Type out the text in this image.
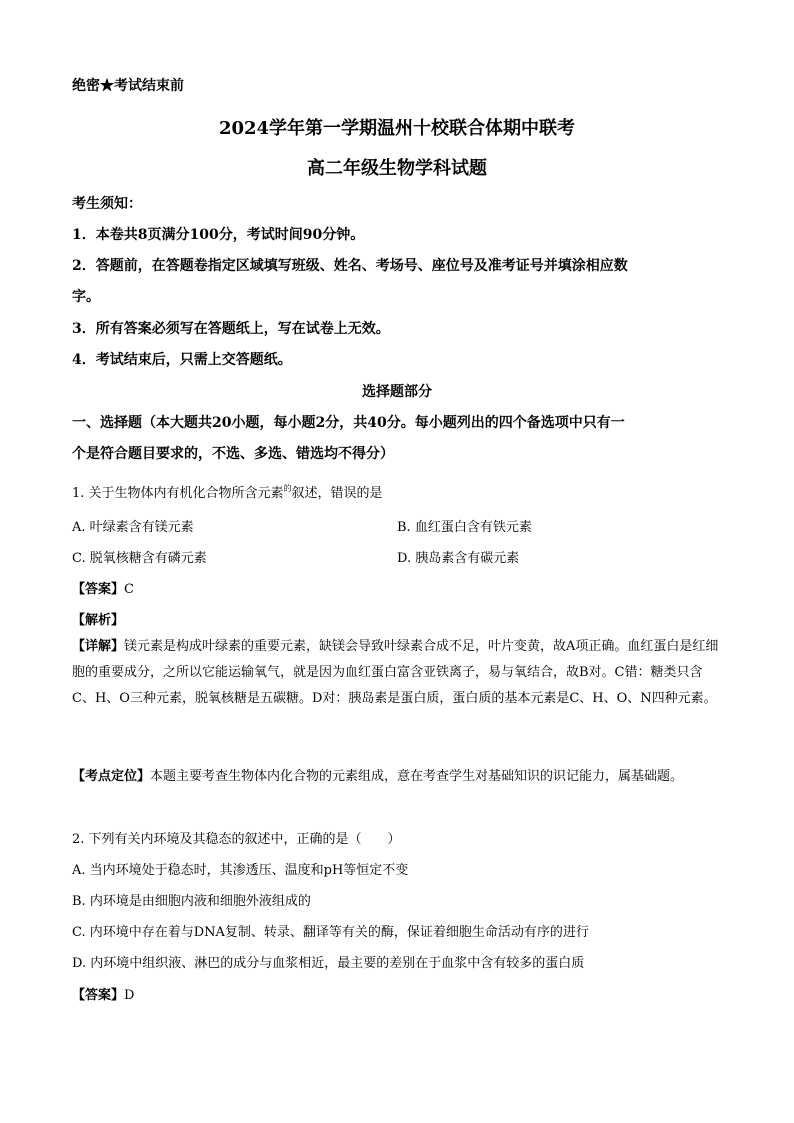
绝密★考试结束前
2024学年第一学期温州十校联合体期中联考
高二年级生物学科试题
考生须知：
1．本卷共8页满分100分，考试时间90分钟。
2．答题前，在答题卷指定区域填写班级、姓名、考场号、座位号及准考证号并填涂相应数
字。
3．所有答案必须写在答题纸上，写在试卷上无效。
4．考试结束后，只需上交答题纸。
选择题部分
一、选择题（本大题共20小题，每小题2分，共40分。每小题列出的四个备选项中只有一
个是符合题目要求的，不选、多选、错选均不得分）
1. 关于生物体内有机化合物所含元素$^的$叙述，错误的是
A. 叶绿素含有镁元素	B. 血红蛋白含有铁元素
C. 脱氧核糖含有磷元素	D. 胰岛素含有碳元素
【答案】C
【解析】
【详解】镁元素是构成叶绿素的重要元素，缺镁会导致叶绿素合成不足，叶片变黄，故A项正确。血红蛋白是红细胞的重要成分，之所以它能运输氧气，就是因为血红蛋白富含亚铁离子，易与氧结合，故B对。C错：糖类只含C、H、O三种元素，脱氧核糖是五碳糖。D对：胰岛素是蛋白质，蛋白质的基本元素是C、H、O、N四种元素。
【考点定位】本题主要考查生物体内化合物的元素组成，意在考查学生对基础知识的识记能力，属基础题。
2. 下列有关内环境及其稳态的叙述中，正确的是（　　）
A. 当内环境处于稳态时，其渗透压、温度和pH等恒定不变
B. 内环境是由细胞内液和细胞外液组成的
C. 内环境中存在着与DNA复制、转录、翻译等有关的酶，保证着细胞生命活动有序的进行
D. 内环境中组织液、淋巴的成分与血浆相近，最主要的差别在于血浆中含有较多的蛋白质
【答案】D
